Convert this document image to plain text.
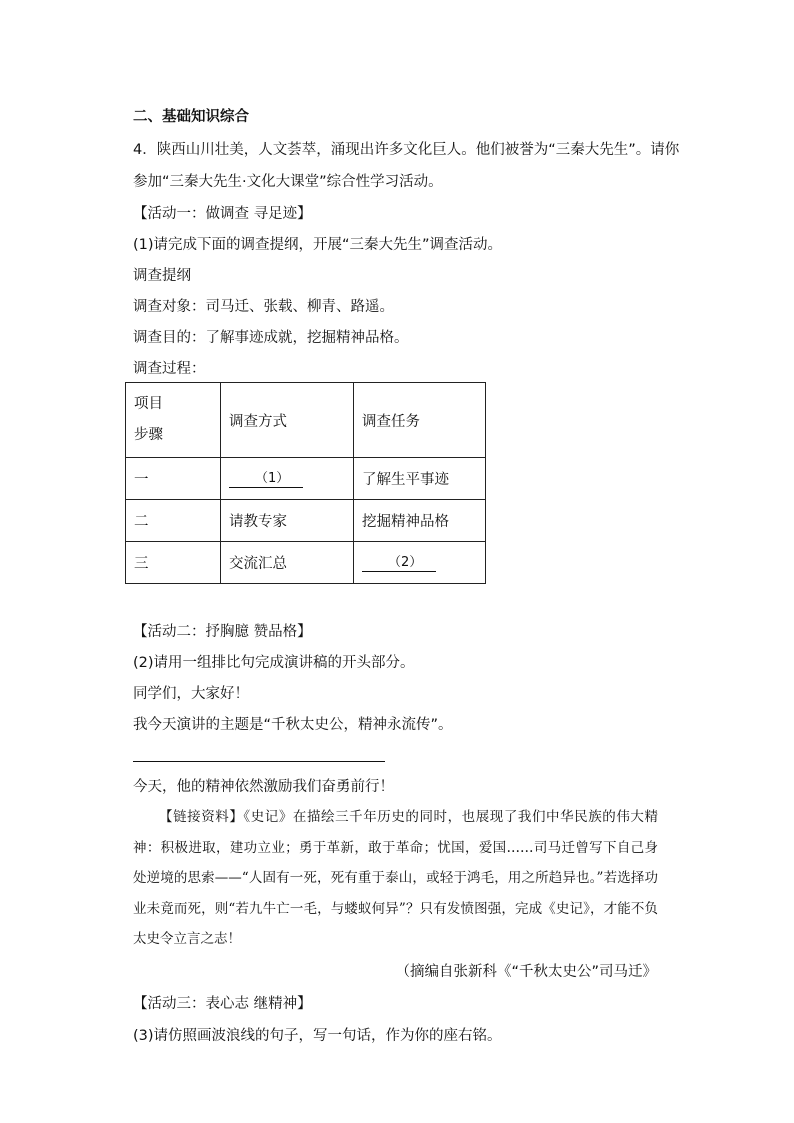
二、基础知识综合
4．陕西山川壮美，人文荟萃，涌现出许多文化巨人。他们被誉为“三秦大先生”。请你
参加“三秦大先生·文化大课堂”综合性学习活动。
【活动一：做调查 寻足迹】
(1)请完成下面的调查提纲，开展“三秦大先生”调查活动。
调查提纲
调查对象：司马迁、张载、柳青、路遥。
调查目的：了解事迹成就，挖掘精神品格。
调查过程：
项目
步骤	调查方式	调查任务
一	（1）	了解生平事迹
二	请教专家	挖掘精神品格
三	交流汇总	（2）
【活动二：抒胸臆 赞品格】
(2)请用一组排比句完成演讲稿的开头部分。
同学们，大家好！
我今天演讲的主题是“千秋太史公，精神永流传”。
今天，他的精神依然激励我们奋勇前行！
【链接资料】《史记》在描绘三千年历史的同时，也展现了我们中华民族的伟大精神：积极进取，建功立业；勇于革新，敢于革命；忧国，爱国……司马迁曾写下自己身处逆境的思索——“人固有一死，死有重于泰山，或轻于鸿毛，用之所趋异也。”若选择功业未竟而死，则“若九牛亡一毛，与蝼蚁何异”？只有发愤图强，完成《史记》，才能不负太史令立言之志！
（摘编自张新科《“千秋太史公”司马迁》
【活动三：表心志 继精神】
(3)请仿照画波浪线的句子，写一句话，作为你的座右铭。
